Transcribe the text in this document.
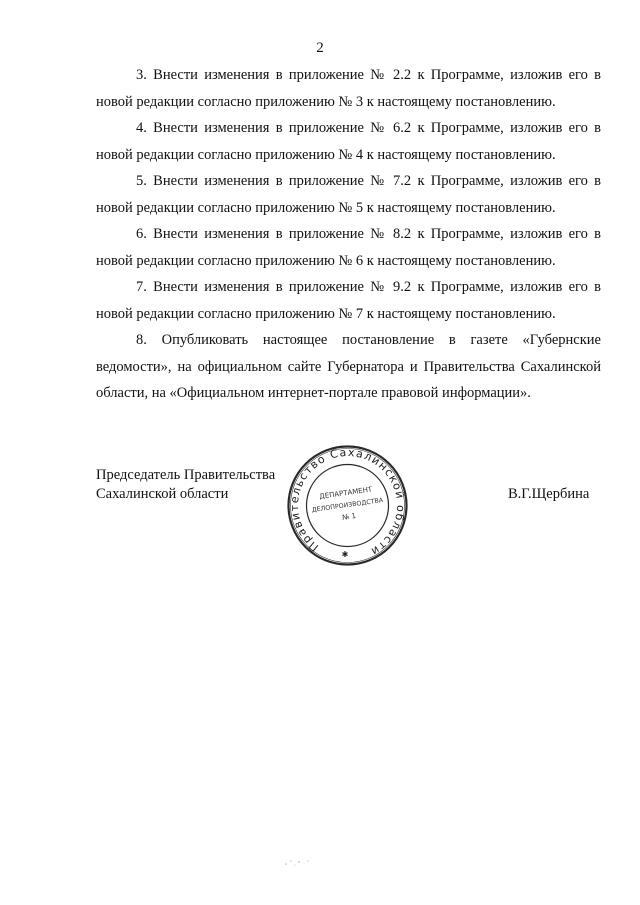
2

3. Внести изменения в приложение № 2.2 к Программе, изложив его в новой редакции согласно приложению № 3 к настоящему постановлению.

4. Внести изменения в приложение № 6.2 к Программе, изложив его в новой редакции согласно приложению № 4 к настоящему постановлению.

5. Внести изменения в приложение № 7.2 к Программе, изложив его в новой редакции согласно приложению № 5 к настоящему постановлению.

6. Внести изменения в приложение № 8.2 к Программе, изложив его в новой редакции согласно приложению № 6 к настоящему постановлению.

7. Внести изменения в приложение № 9.2 к Программе, изложив его в новой редакции согласно приложению № 7 к настоящему постановлению.

8. Опубликовать настоящее постановление в газете «Губернские ведомости», на официальном сайте Губернатора и Правительства Сахалинской области, на «Официальном интернет-портале правовой информации».

Председатель Правительства
Сахалинской области
Правительство Сахалинской области
ДЕПАРТАМЕНТ
ДЕЛОПРОИЗВОДСТВА
№ 1
✱
В.Г.Щербина
